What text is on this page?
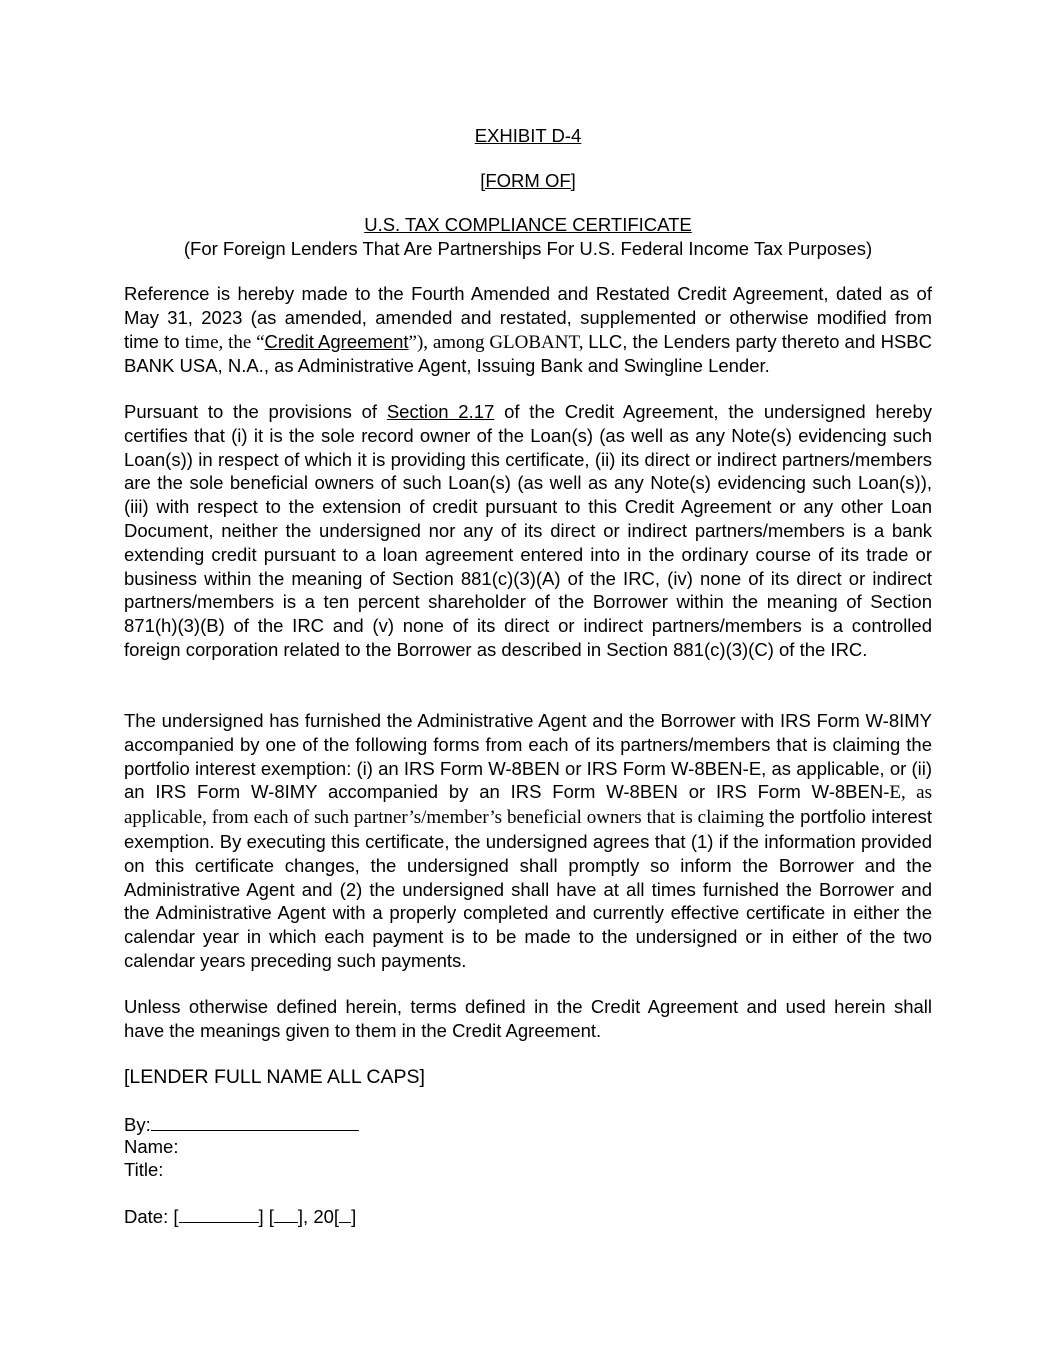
EXHIBIT D-4
[FORM OF]
U.S. TAX COMPLIANCE CERTIFICATE
(For Foreign Lenders That Are Partnerships For U.S. Federal Income Tax Purposes)

Reference is hereby made to the Fourth Amended and Restated Credit Agreement, dated as of May 31, 2023 (as amended, amended and restated, supplemented or otherwise modified from time to time, the “Credit Agreement”), among GLOBANT, LLC, the Lenders party thereto and HSBC BANK USA, N.A., as Administrative Agent, Issuing Bank and Swingline Lender.

Pursuant to the provisions of Section 2.17 of the Credit Agreement, the undersigned hereby certifies that (i) it is the sole record owner of the Loan(s) (as well as any Note(s) evidencing such Loan(s)) in respect of which it is providing this certificate, (ii) its direct or indirect partners/members are the sole beneficial owners of such Loan(s) (as well as any Note(s) evidencing such Loan(s)), (iii) with respect to the extension of credit pursuant to this Credit Agreement or any other Loan Document, neither the undersigned nor any of its direct or indirect partners/members is a bank extending credit pursuant to a loan agreement entered into in the ordinary course of its trade or business within the meaning of Section 881(c)(3)(A) of the IRC, (iv) none of its direct or indirect partners/members is a ten percent shareholder of the Borrower within the meaning of Section 871(h)(3)(B) of the IRC and (v) none of its direct or indirect partners/members is a controlled foreign corporation related to the Borrower as described in Section 881(c)(3)(C) of the IRC.

The undersigned has furnished the Administrative Agent and the Borrower with IRS Form W-8IMY accompanied by one of the following forms from each of its partners/members that is claiming the portfolio interest exemption: (i) an IRS Form W-8BEN or IRS Form W-8BEN-E, as applicable, or (ii) an IRS Form W-8IMY accompanied by an IRS Form W-8BEN or IRS Form W-8BEN-E, as applicable, from each of such partner’s/member’s beneficial owners that is claiming the portfolio interest exemption. By executing this certificate, the undersigned agrees that (1) if the information provided on this certificate changes, the undersigned shall promptly so inform the Borrower and the Administrative Agent and (2) the undersigned shall have at all times furnished the Borrower and the Administrative Agent with a properly completed and currently effective certificate in either the calendar year in which each payment is to be made to the undersigned or in either of the two calendar years preceding such payments.

Unless otherwise defined herein, terms defined in the Credit Agreement and used herein shall have the meanings given to them in the Credit Agreement.

[LENDER FULL NAME ALL CAPS]
By:
Name:
Title:
Date: [	] [ ], 20[ ]
